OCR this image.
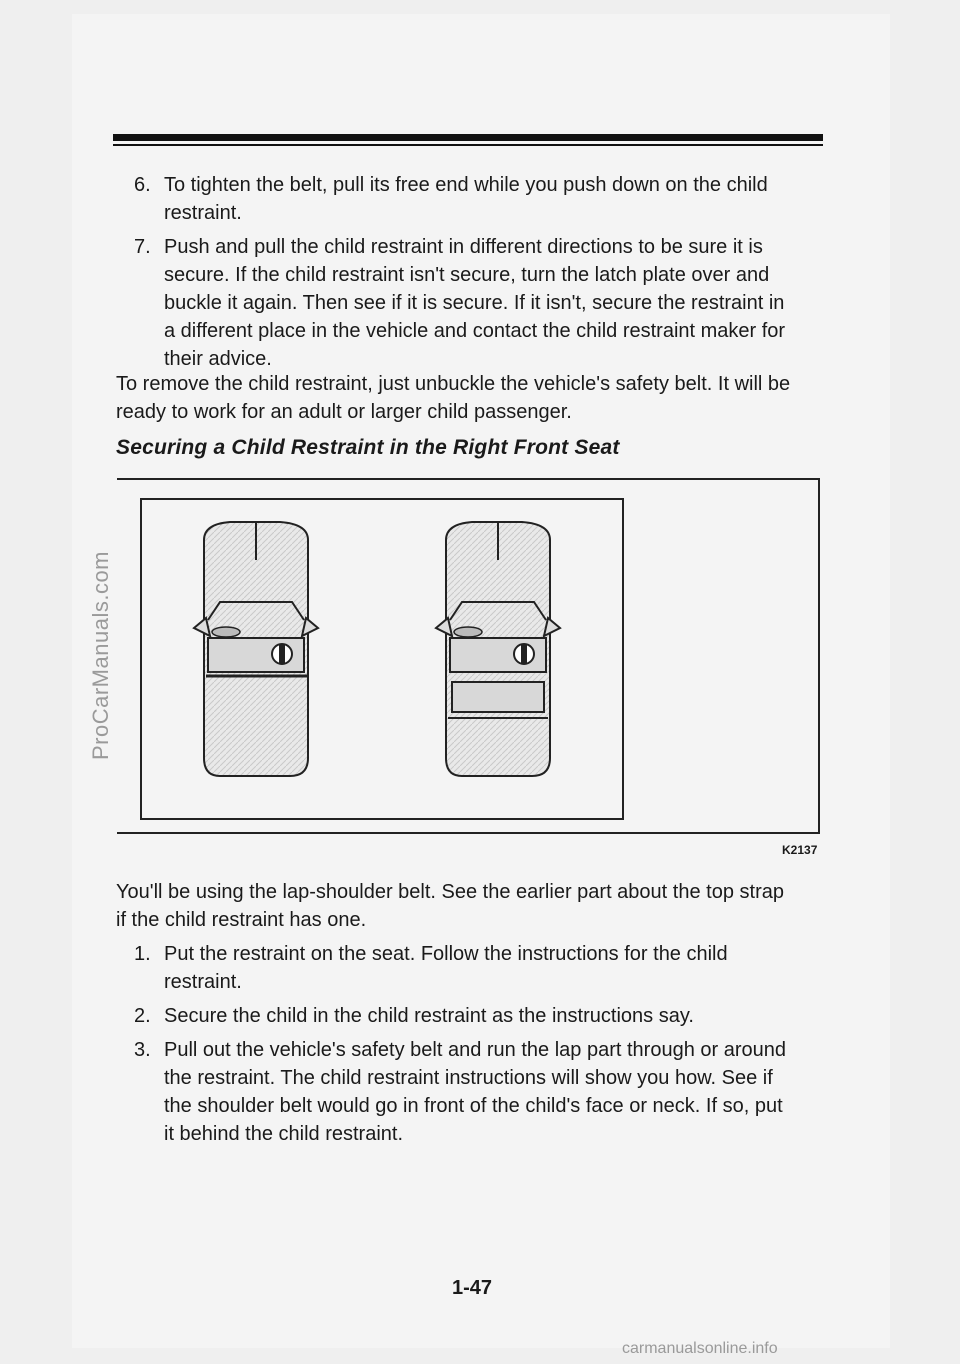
6. To tighten the belt, pull its free end while you push down on the child
restraint.
7. Push and pull the child restraint in different directions to be sure it is
secure. If the child restraint isn't secure, turn the latch plate over and
buckle it again. Then see if it is secure. If it isn't, secure the restraint in
a different place in the vehicle and contact the child restraint maker for
their advice.
To remove the child restraint, just unbuckle the vehicle's safety belt. It will be
ready to work for an adult or larger child passenger.
Securing a Child Restraint in the Right Front Seat
K2137
You'll be using the lap-shoulder belt. See the earlier part about the top strap
if the child restraint has one.
1. Put the restraint on the seat. Follow the instructions for the child
restraint.
2. Secure the child in the child restraint as the instructions say.
3. Pull out the vehicle's safety belt and run the lap part through or around
the restraint. The child restraint instructions will show you how. See if
the shoulder belt would go in front of the child's face or neck. If so, put
it behind the child restraint.
1-47
ProCarManuals.com
carmanualsonline.info
